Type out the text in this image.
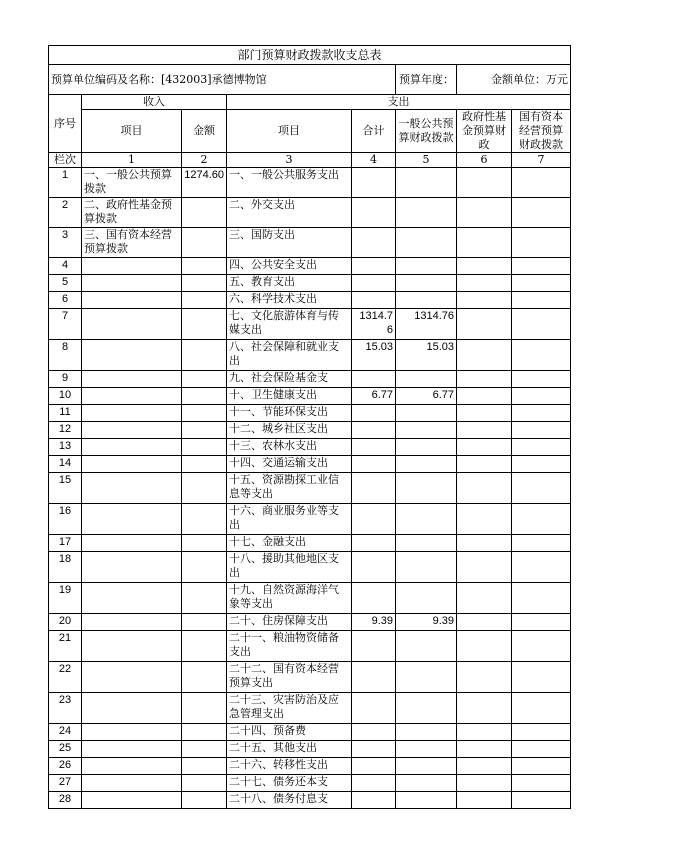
部门预算财政拨款收支总表							
预算单位编码及名称：[432003]承德博物馆					预算年度：	金额单位：万元	
序号	收入		支出				
	项目	金额	项目	合计	一般公共预算财政拨款	政府性基金预算财政	国有资本经营预算财政拨款
栏次	1	2	3	4	5	6	7
1	一、一般公共预算拨款	1274.60	一、一般公共服务支出				
2	二、政府性基金预算拨款		二、外交支出				
3	三、国有资本经营预算拨款		三、国防支出				
4			四、公共安全支出				
5			五、教育支出				
6			六、科学技术支出				
7			七、文化旅游体育与传媒支出	1314.76	1314.76		
8			八、社会保障和就业支出	15.03	15.03		
9			九、社会保险基金支				
10			十、卫生健康支出	6.77	6.77		
11			十一、节能环保支出				
12			十二、城乡社区支出				
13			十三、农林水支出				
14			十四、交通运输支出				
15			十五、资源勘探工业信息等支出				
16			十六、商业服务业等支出				
17			十七、金融支出				
18			十八、援助其他地区支出				
19			十九、自然资源海洋气象等支出				
20			二十、住房保障支出	9.39	9.39		
21			二十一、粮油物资储备支出				
22			二十二、国有资本经营预算支出				
23			二十三、灾害防治及应急管理支出				
24			二十四、预备费				
25			二十五、其他支出				
26			二十六、转移性支出				
27			二十七、债务还本支				
28			二十八、债务付息支				
